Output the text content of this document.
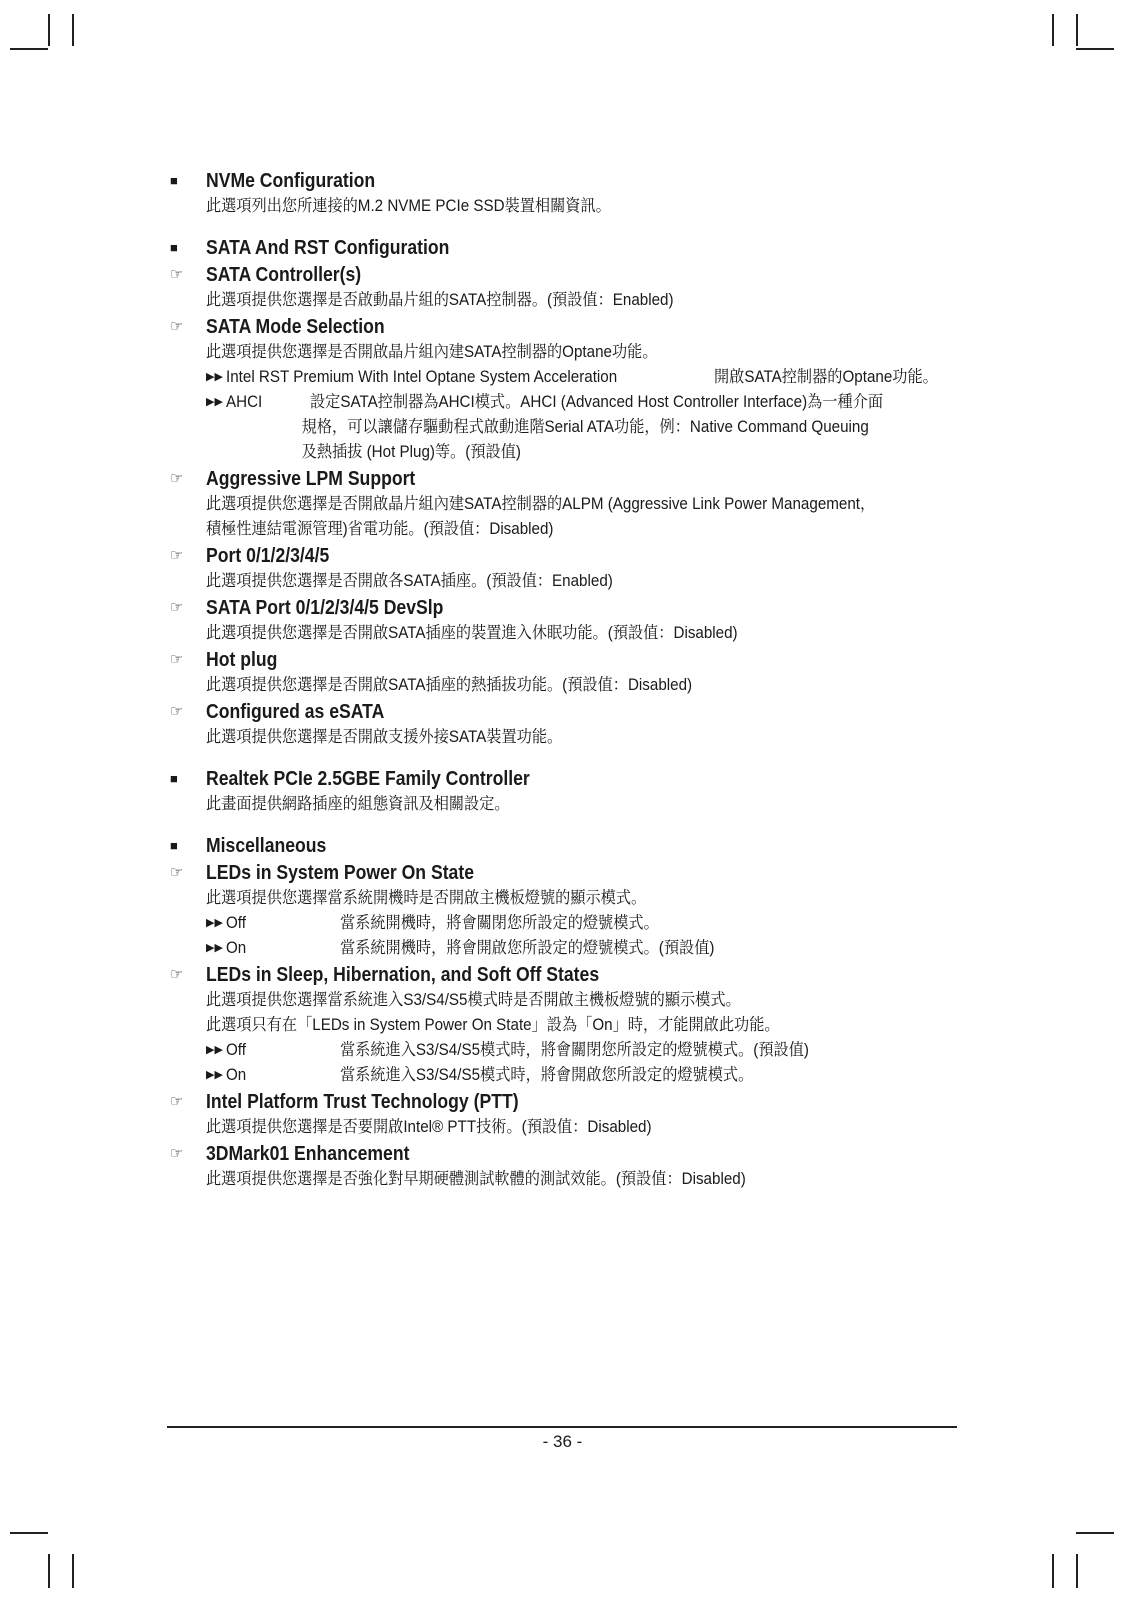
■ NVMe Configuration
此選項列出您所連接的M.2 NVME PCIe SSD裝置相關資訊。
■ SATA And RST Configuration
☞ SATA Controller(s)
此選項提供您選擇是否啟動晶片組的SATA控制器。(預設值：Enabled)
☞ SATA Mode Selection
此選項提供您選擇是否開啟晶片組內建SATA控制器的Optane功能。
▶▶ Intel RST Premium With Intel Optane System Acceleration	開啟SATA控制器的Optane功能。
▶▶ AHCI	設定SATA控制器為AHCI模式。AHCI (Advanced Host Controller Interface)為一種介面
規格，可以讓儲存驅動程式啟動進階Serial ATA功能，例：Native Command Queuing
及熱插拔 (Hot Plug)等。(預設值)
☞ Aggressive LPM Support
此選項提供您選擇是否開啟晶片組內建SATA控制器的ALPM (Aggressive Link Power Management，
積極性連結電源管理)省電功能。(預設值：Disabled)
☞ Port 0/1/2/3/4/5
此選項提供您選擇是否開啟各SATA插座。(預設值：Enabled)
☞ SATA Port 0/1/2/3/4/5 DevSlp
此選項提供您選擇是否開啟SATA插座的裝置進入休眠功能。(預設值：Disabled)
☞ Hot plug
此選項提供您選擇是否開啟SATA插座的熱插拔功能。(預設值：Disabled)
☞ Configured as eSATA
此選項提供您選擇是否開啟支援外接SATA裝置功能。
■ Realtek PCIe 2.5GBE Family Controller
此畫面提供網路插座的組態資訊及相關設定。
■ Miscellaneous
☞ LEDs in System Power On State
此選項提供您選擇當系統開機時是否開啟主機板燈號的顯示模式。
▶▶ Off	當系統開機時，將會關閉您所設定的燈號模式。
▶▶ On	當系統開機時，將會開啟您所設定的燈號模式。(預設值)
☞ LEDs in Sleep, Hibernation, and Soft Off States
此選項提供您選擇當系統進入S3/S4/S5模式時是否開啟主機板燈號的顯示模式。
此選項只有在「LEDs in System Power On State」設為「On」時，才能開啟此功能。
▶▶ Off	當系統進入S3/S4/S5模式時，將會關閉您所設定的燈號模式。(預設值)
▶▶ On	當系統進入S3/S4/S5模式時，將會開啟您所設定的燈號模式。
☞ Intel Platform Trust Technology (PTT)
此選項提供您選擇是否要開啟Intel® PTT技術。(預設值：Disabled)
☞ 3DMark01 Enhancement
此選項提供您選擇是否強化對早期硬體測試軟體的測試效能。(預設值：Disabled)
- 36 -
